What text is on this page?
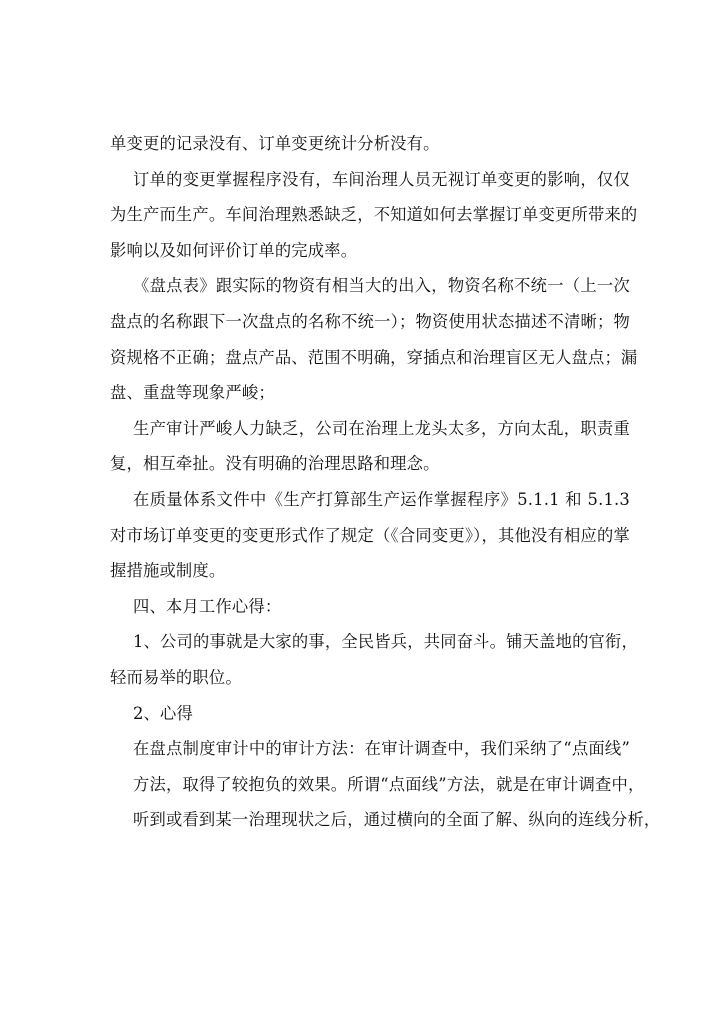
单变更的记录没有、订单变更统计分析没有。
订单的变更掌握程序没有，车间治理人员无视订单变更的影响，仅仅
为生产而生产。车间治理熟悉缺乏，不知道如何去掌握订单变更所带来的
影响以及如何评价订单的完成率。
《盘点表》跟实际的物资有相当大的出入，物资名称不统一（上一次
盘点的名称跟下一次盘点的名称不统一）；物资使用状态描述不清晰；物
资规格不正确；盘点产品、范围不明确，穿插点和治理盲区无人盘点；漏
盘、重盘等现象严峻；
生产审计严峻人力缺乏，公司在治理上龙头太多，方向太乱，职责重
复，相互牵扯。没有明确的治理思路和理念。
在质量体系文件中《生产打算部生产运作掌握程序》5.1.1 和 5.1.3
对市场订单变更的变更形式作了规定（《合同变更》），其他没有相应的掌
握措施或制度。
四、本月工作心得：
1、公司的事就是大家的事，全民皆兵，共同奋斗。铺天盖地的官衔，
轻而易举的职位。
2、心得
在盘点制度审计中的审计方法：在审计调查中，我们采纳了“点面线”
方法，取得了较抱负的效果。所谓“点面线”方法，就是在审计调查中，
听到或看到某一治理现状之后，通过横向的全面了解、纵向的连线分析，
